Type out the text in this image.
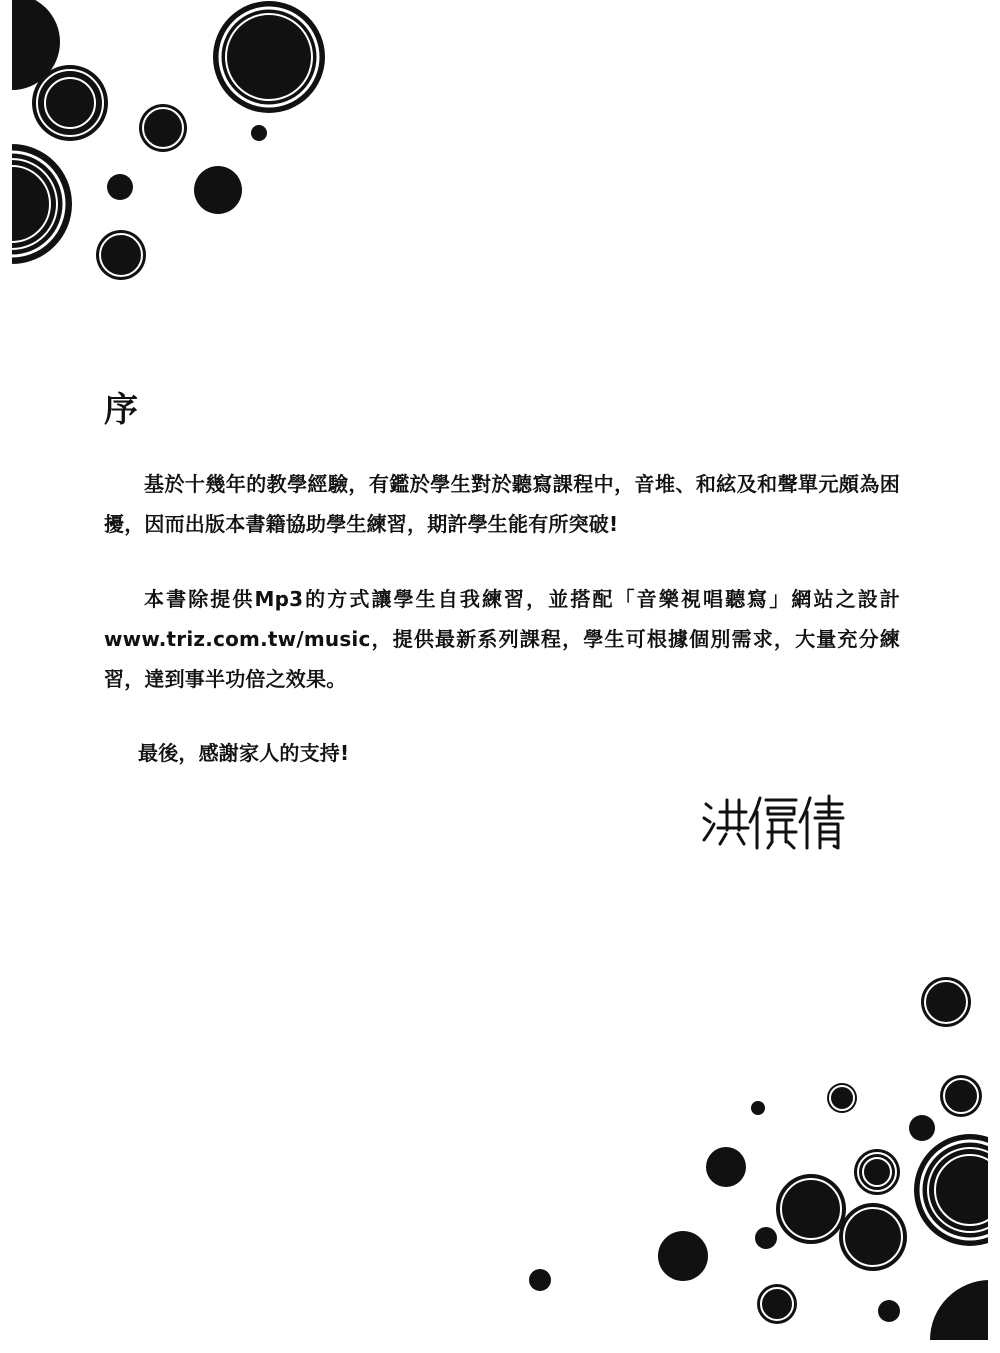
序

基於十幾年的教學經驗，有鑑於學生對於聽寫課程中，音堆、和絃及和聲單元頗為困擾，因而出版本書籍協助學生練習，期許學生能有所突破!

本書除提供Mp3的方式讓學生自我練習，並搭配「音樂視唱聽寫」網站之設計 www.triz.com.tw/music，提供最新系列課程，學生可根據個別需求，大量充分練習，達到事半功倍之效果。

最後，感謝家人的支持!
